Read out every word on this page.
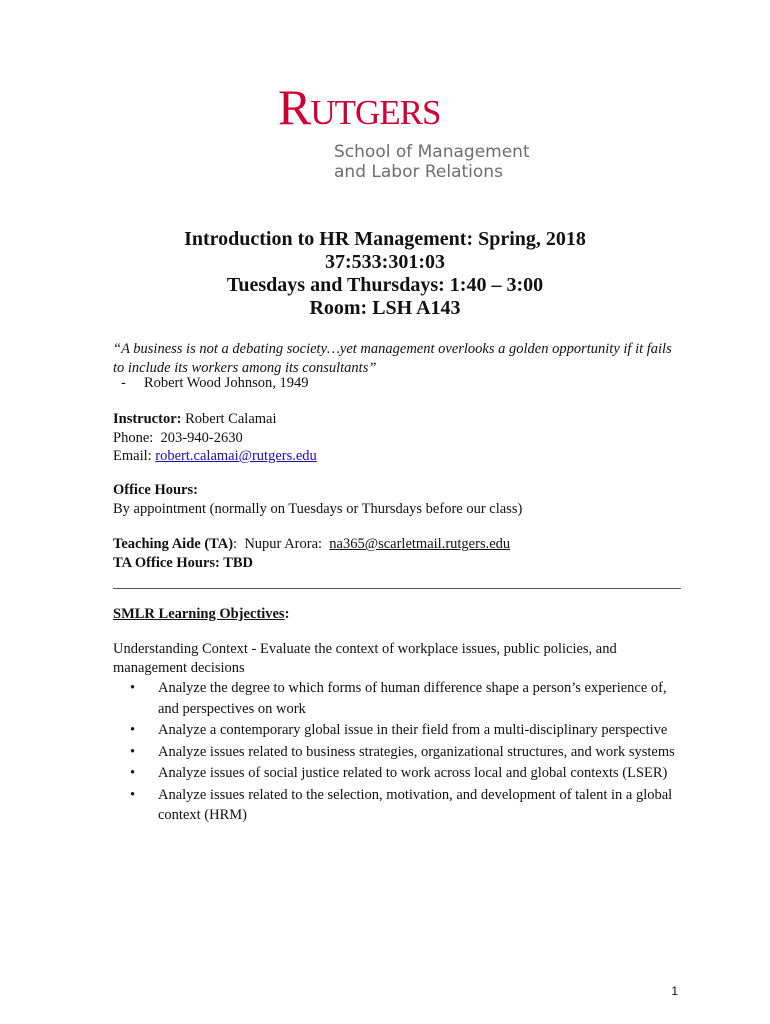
Rutgers
School of Management
and Labor Relations

Introduction to HR Management: Spring, 2018

37:533:301:03

Tuesdays and Thursdays: 1:40 – 3:00

Room: LSH A143

“A business is not a debating society…yet management overlooks a golden opportunity if it fails to include its workers among its consultants”
-     Robert Wood Johnson, 1949
Instructor: Robert Calamai
Phone:  203-940-2630
Email: robert.calamai@rutgers.edu
Office Hours:
By appointment (normally on Tuesdays or Thursdays before our class)
Teaching Aide (TA):  Nupur Arora:  na365@scarletmail.rutgers.edu
TA Office Hours: TBD
SMLR Learning Objectives:
Understanding Context - Evaluate the context of workplace issues, public policies, and management decisions
• Analyze the degree to which forms of human difference shape a person’s experience of, and perspectives on work
• Analyze a contemporary global issue in their field from a multi-disciplinary perspective
• Analyze issues related to business strategies, organizational structures, and work systems
• Analyze issues of social justice related to work across local and global contexts (LSER)
• Analyze issues related to the selection, motivation, and development of talent in a global context (HRM)
1
